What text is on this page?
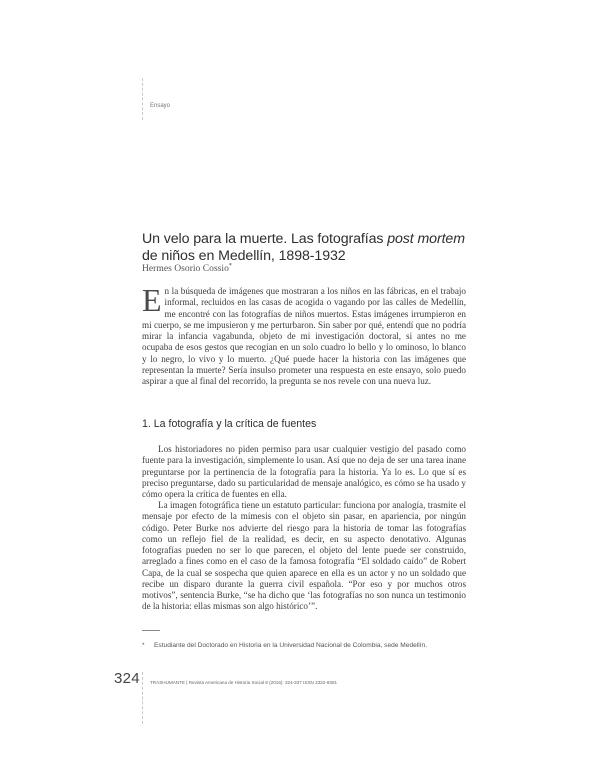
Ensayo
Un velo para la muerte. Las fotografías post mortem de niños en Medellín, 1898-1932
Hermes Osorio Cossio*
En la búsqueda de imágenes que mostraran a los niños en las fábricas, en el trabajo informal, recluidos en las casas de acogida o vagando por las calles de Medellín, me encontré con las fotografías de niños muertos. Estas imágenes irrumpieron en mi cuerpo, se me impusieron y me perturbaron. Sin saber por qué, entendí que no podría mirar la infancia vagabunda, objeto de mi investigación doctoral, si antes no me ocupaba de esos gestos que recogían en un solo cuadro lo bello y lo ominoso, lo blanco y lo negro, lo vivo y lo muerto. ¿Qué puede hacer la historia con las imágenes que representan la muerte? Sería insulso prometer una respuesta en este ensayo, solo puedo aspirar a que al final del recorrido, la pregunta se nos revele con una nueva luz.
1. La fotografía y la crítica de fuentes
Los historiadores no piden permiso para usar cualquier vestigio del pasado como fuente para la investigación, simplemente lo usan. Así que no deja de ser una tarea inane preguntarse por la pertinencia de la fotografía para la historia. Ya lo es. Lo que sí es preciso preguntarse, dado su particularidad de mensaje analógico, es cómo se ha usado y cómo opera la crítica de fuentes en ella.
La imagen fotográfica tiene un estatuto particular: funciona por analogía, trasmite el mensaje por efecto de la mímesis con el objeto sin pasar, en apariencia, por ningún código. Peter Burke nos advierte del riesgo para la historia de tomar las fotografías como un reflejo fiel de la realidad, es decir, en su aspecto denotativo. Algunas fotografías pueden no ser lo que parecen, el objeto del lente puede ser construido, arreglado a fines como en el caso de la famosa fotografía “El soldado caído” de Robert Capa, de la cual se sospecha que quien aparece en ella es un actor y no un soldado que recibe un disparo durante la guerra civil española. “Por eso y por muchos otros motivos”, sentencia Burke, “se ha dicho que ‘las fotografías no son nunca un testimonio de la historia: ellas mismas son algo histórico’”.
* Estudiante del Doctorado en Historia en la Universidad Nacional de Colombia, sede Medellín.
324 TRASHUMANTE | Revista Americana de Historia Social 8 (2016): 324-337 ISSN 2322-9381
